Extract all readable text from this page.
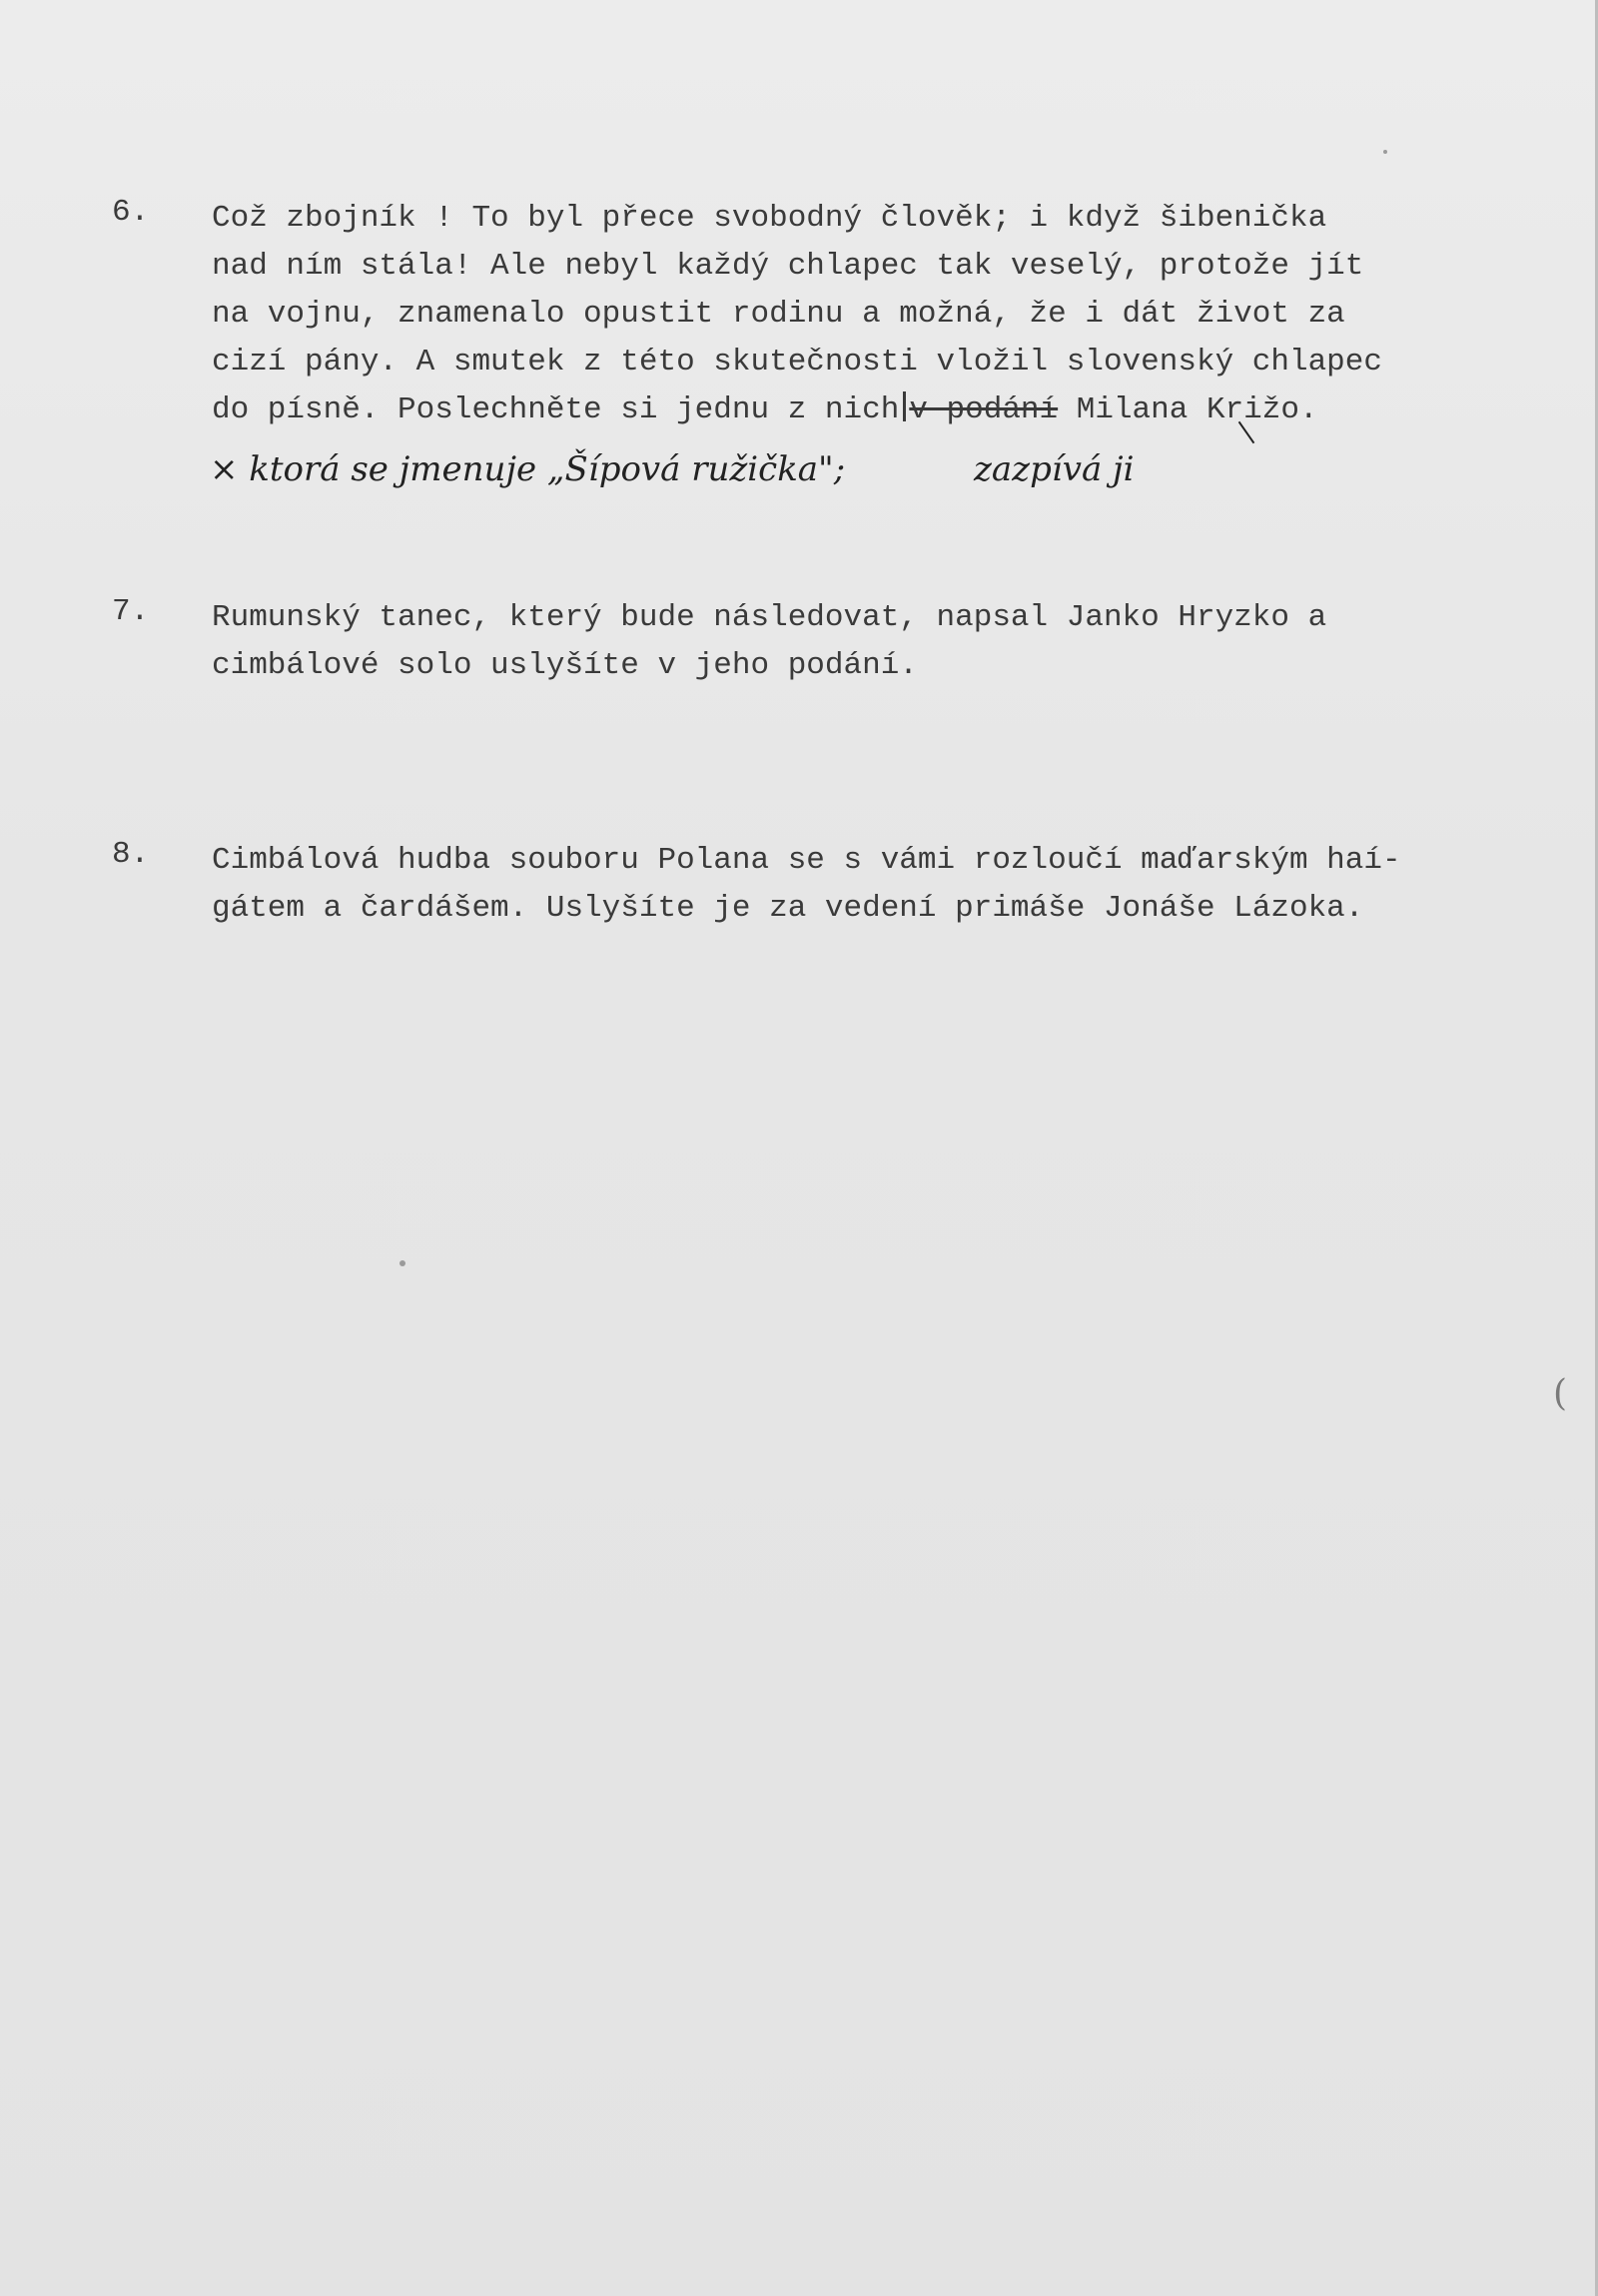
6.	Což zbojník ! To byl přece svobodný člověk; i když šibenička
nad ním stála! Ale nebyl každý chlapec tak veselý, protože jít
na vojnu, znamenalo opustit rodinu a možná, že i dát život za
cizí pány. A smutek z této skutečnosti vložil slovenský chlapec
do písně. Poslechněte si jednu z nich v podání Milana Križo.
× ktorá se jmenuje „Šípová ružička";	zazpívá ji
7.	Rumunský tanec, který bude následovat, napsal Janko Hryzko a
cimbálové solo uslyšíte v jeho podání.
8.	Cimbálová hudba souboru Polana se s vámi rozloučí maďarským haí-
gátem a čardášem. Uslyšíte je za vedení primáše Jonáše Lázoka.
(
